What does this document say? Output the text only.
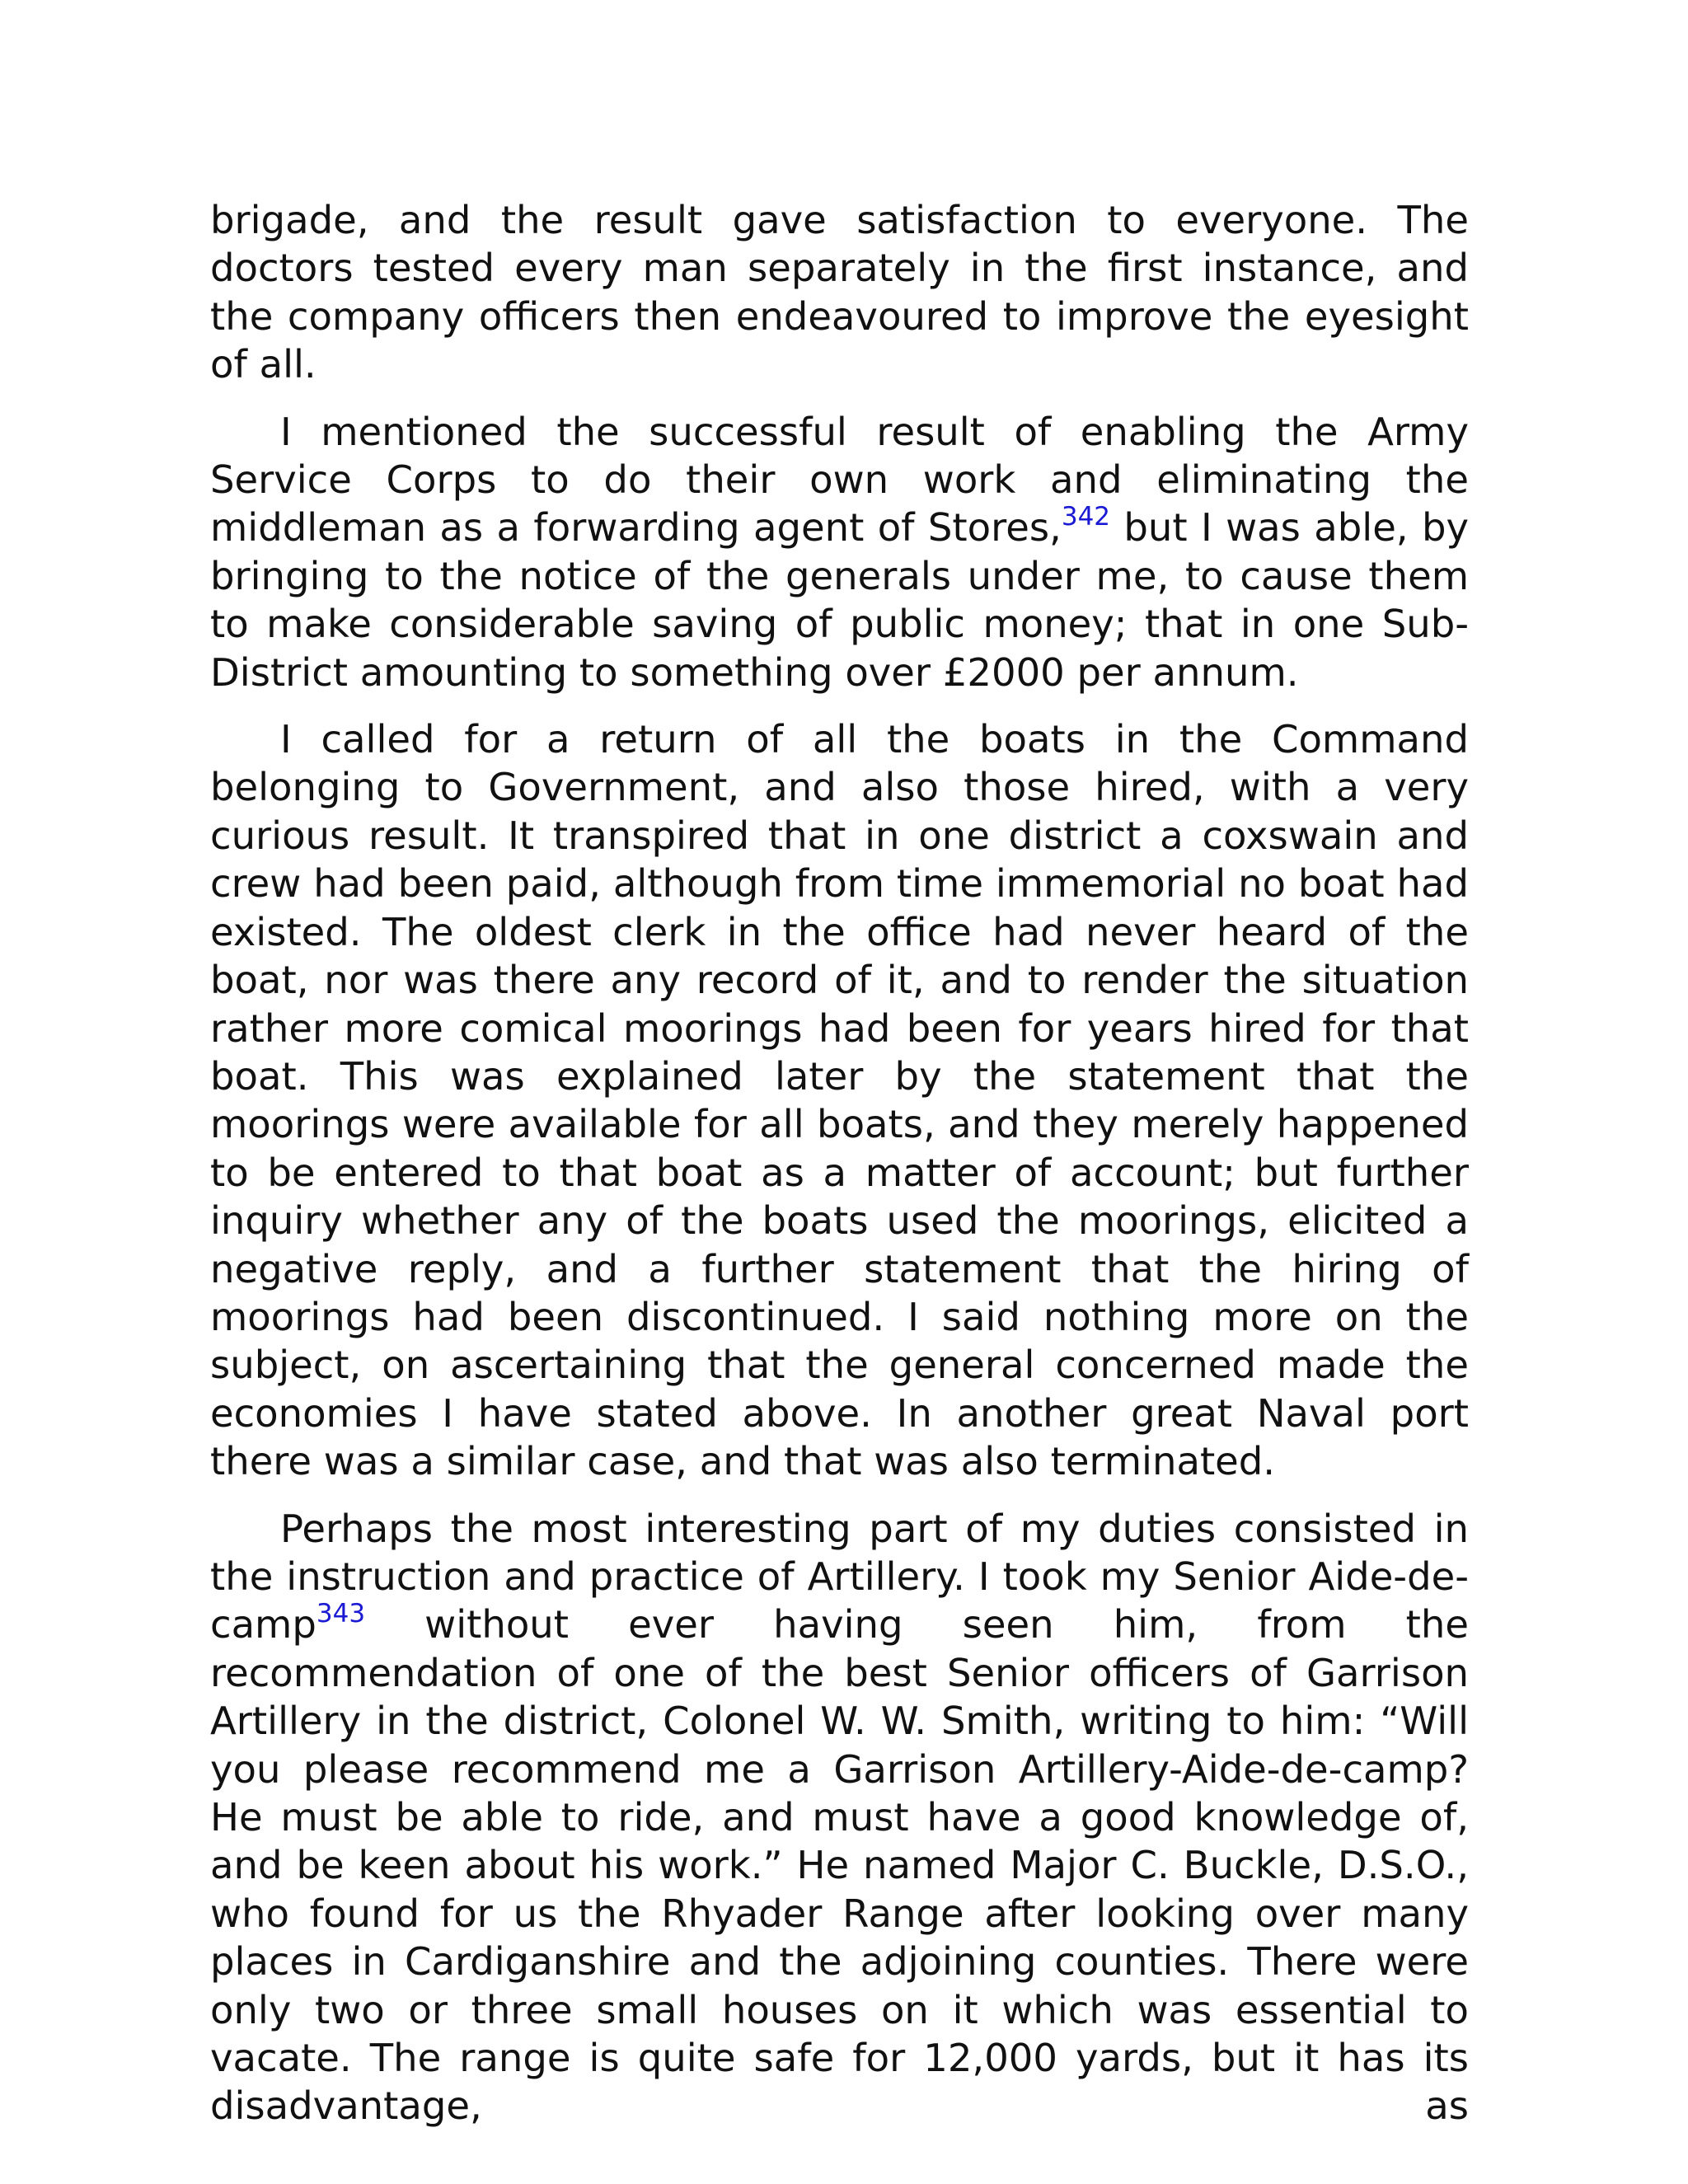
brigade, and the result gave satisfaction to everyone. The doctors tested every man separately in the first instance, and the company officers then endeavoured to improve the eyesight of all.

I mentioned the successful result of enabling the Army Service Corps to do their own work and eliminating the middleman as a forwarding agent of Stores,$^{342}$ but I was able, by bringing to the notice of the generals under me, to cause them to make considerable saving of public money; that in one Sub-District amounting to something over £2000 per annum.

I called for a return of all the boats in the Command belonging to Government, and also those hired, with a very curious result. It transpired that in one district a coxswain and crew had been paid, although from time immemorial no boat had existed. The oldest clerk in the office had never heard of the boat, nor was there any record of it, and to render the situation rather more comical moorings had been for years hired for that boat. This was explained later by the statement that the moorings were available for all boats, and they merely happened to be entered to that boat as a matter of account; but further inquiry whether any of the boats used the moorings, elicited a negative reply, and a further statement that the hiring of moorings had been discontinued. I said nothing more on the subject, on ascertaining that the general concerned made the economies I have stated above. In another great Naval port there was a similar case, and that was also terminated.

Perhaps the most interesting part of my duties consisted in the instruction and practice of Artillery. I took my Senior Aide-de-camp$^{343}$ without ever having seen him, from the recommendation of one of the best Senior officers of Garrison Artillery in the district, Colonel W. W. Smith, writing to him: “Will you please recommend me a Garrison Artillery-Aide-de-camp? He must be able to ride, and must have a good knowledge of, and be keen about his work.” He named Major C. Buckle, D.S.O., who found for us the Rhyader Range after looking over many places in Cardiganshire and the adjoining counties. There were only two or three small houses on it which was essential to vacate. The range is quite safe for 12,000 yards, but it has its disadvantage, as
